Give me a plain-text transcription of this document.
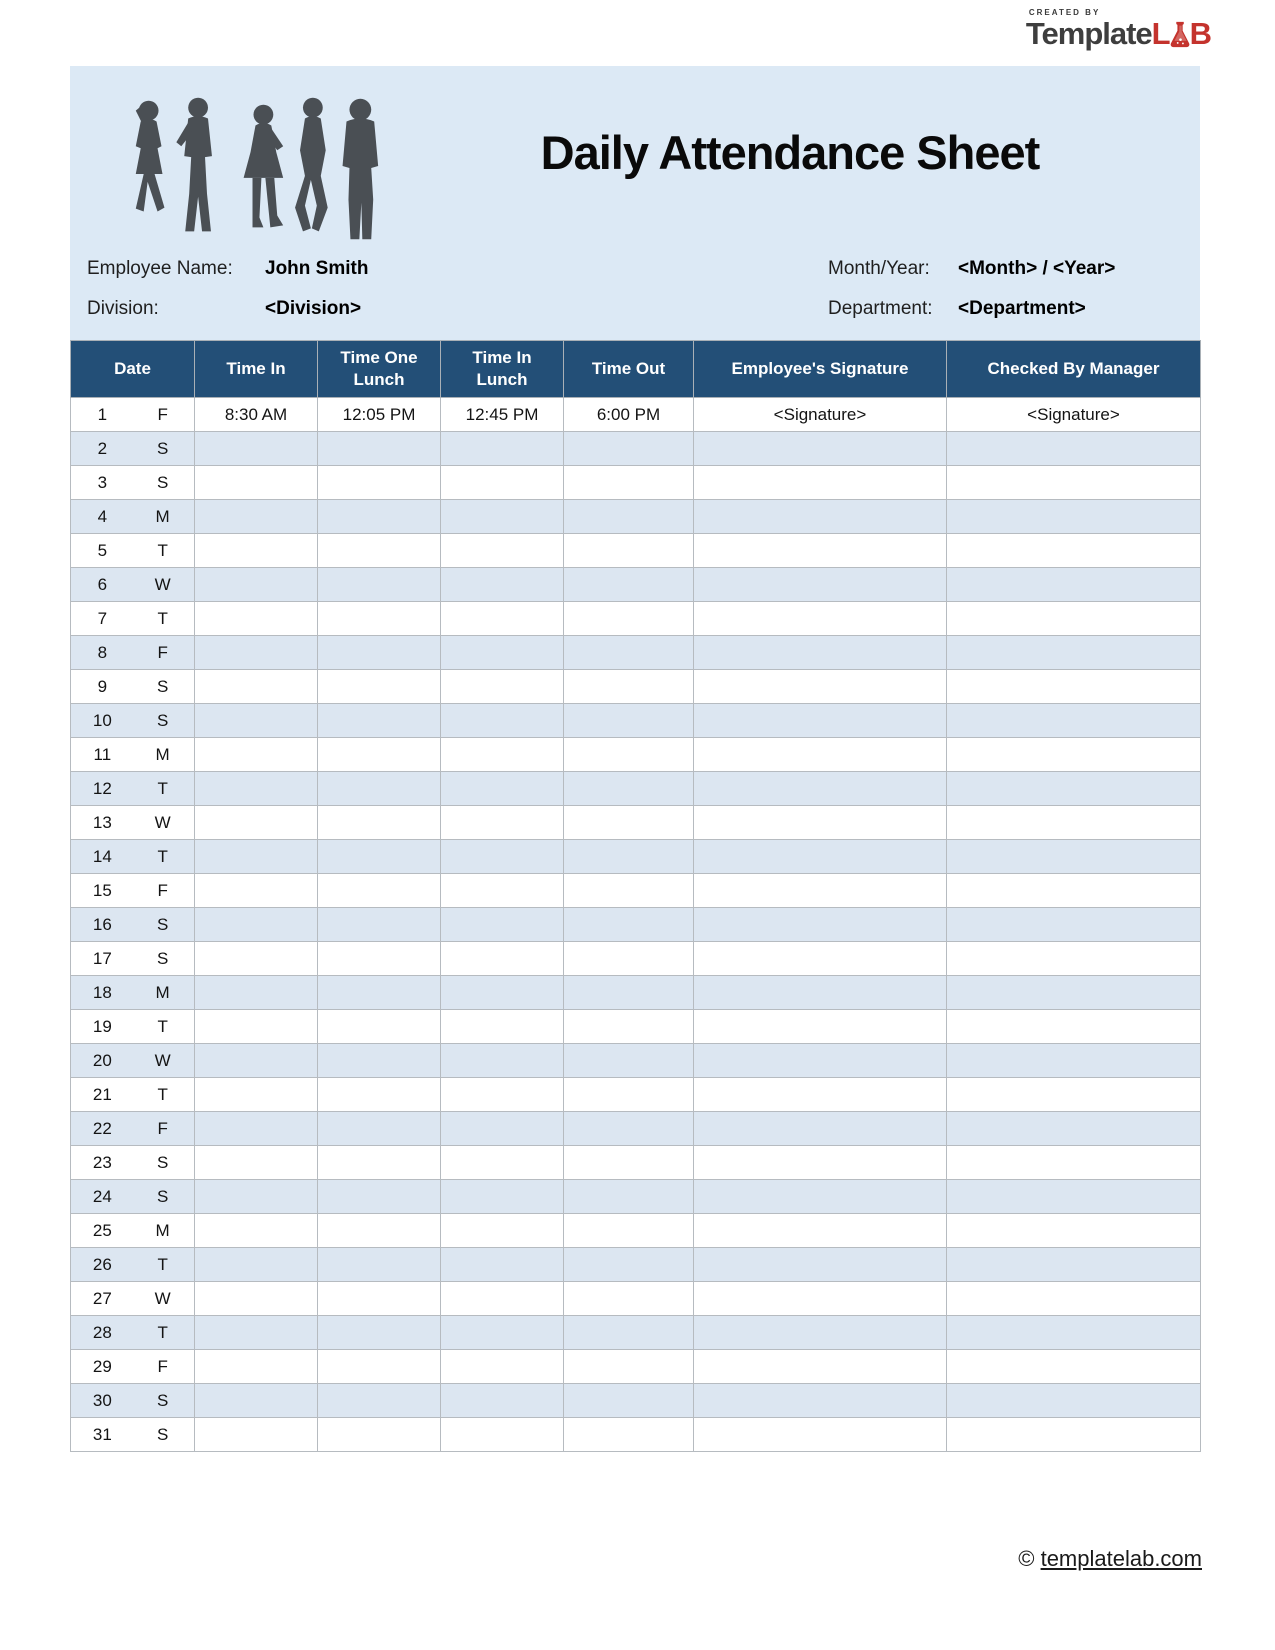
CREATED BY
Template L B
Daily Attendance Sheet
Employee Name: John Smith
Division:	<Division>
Month/Year: <Month> / <Year>
Department: <Department>
Date	Time In	Time One Lunch	Time In Lunch	Time Out	Employee's Signature	Checked By Manager
1 F	8:30 AM	12:05 PM	12:45 PM	6:00 PM	<Signature>	<Signature>
2 S						
3 S						
4 M						
5 T						
6 W						
7 T						
8 F						
9 S						
10 S						
11 M						
12 T						
13 W						
14 T						
15 F						
16 S						
17 S						
18 M						
19 T						
20 W						
21 T						
22 F						
23 S						
24 S						
25 M						
26 T						
27 W						
28 T						
29 F						
30 S						
31 S						
© templatelab.com
